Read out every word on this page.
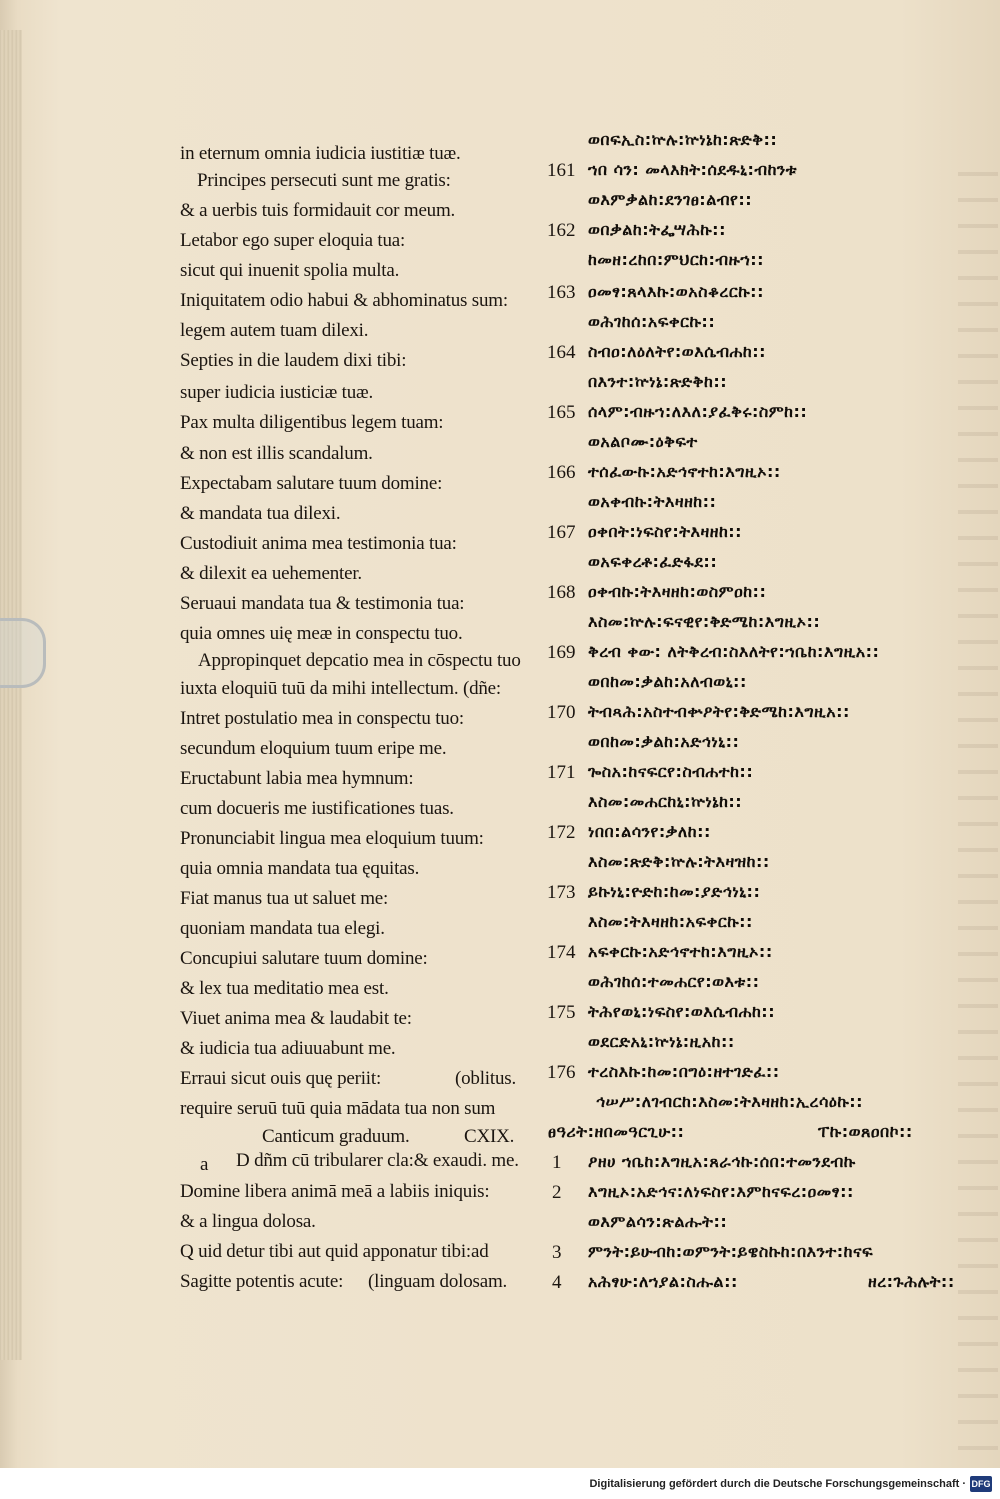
in eternum omnia iudicia iustitiæ tuæ.
Principes persecuti sunt me gratis:
& a uerbis tuis formidauit cor meum.
Letabor ego super eloquia tua:
sicut qui inuenit spolia multa.
Iniquitatem odio habui & abhominatus sum:
legem autem tuam dilexi.
Septies in die laudem dixi tibi:
super iudicia iusticiæ tuæ.
Pax multa diligentibus legem tuam:
& non est illis scandalum.
Expectabam salutare tuum domine:
& mandata tua dilexi.
Custodiuit anima mea testimonia tua:
& dilexit ea uehementer.
Seruaui mandata tua & testimonia tua:
quia omnes uię meæ in conspectu tuo.
Appropinquet depcatio mea in cōspectu tuo
iuxta eloquiū tuū da mihi intellectum. (dñe:
Intret postulatio mea in conspectu tuo:
secundum eloquium tuum eripe me.
Eructabunt labia mea hymnum:
cum docueris me iustificationes tuas.
Pronunciabit lingua mea eloquium tuum:
quia omnia mandata tua ęquitas.
Fiat manus tua ut saluet me:
quoniam mandata tua elegi.
Concupiui salutare tuum domine:
& lex tua meditatio mea est.
Viuet anima mea & laudabit te:
& iudicia tua adiuuabunt me.
Erraui sicut ouis quę periit:	(oblitus.
require seruū tuū quia mādata tua non sum
Canticum graduum.	CXIX.
a D dñm cū tribularer cla:& exaudi. me.
Domine libera animā meā a labiis iniquis:
& a lingua dolosa.
Q uid detur tibi aut quid apponatur tibi:ad
Sagitte potentis acute: (linguam dolosam.
ወበፍኢስ:ኵሉ:ኵነኔከ:ጽድቅ::
161 ኀበ ሳን: መላእክት:ሰደዱኒ:ብከንቱ
ወእምቃልከ:ደንገፀ:ልብየ::
162 ወበቃልከ:ትፌሣሕኩ::
ከመዘ:ረከበ:ምህርከ:ብዙኀ::
163 ዐመፃ:ጸላእኩ:ወአስቆረርኩ::
ወሕገከሰ:አፍቀርኩ::
164 ስብዐ:ለዕለትየ:ወእሴብሐከ::
በእንተ:ኵነኔ:ጽድቅከ::
165 ሰላም:ብዙኀ:ለእለ:ያፈቅሩ:ስምከ::
ወአልቦሙ:ዕቅፍተ
166 ተሰፈውኩ:አድኅኖተከ:እግዚኦ::
ወአቀብኩ:ትእዛዘከ::
167 ዐቀበት:ነፍስየ:ትእዛዘከ::
ወአፍቀረቶ:ፈድፋደ::
168 ዐቀብኩ:ትእዛዘከ:ወስምዐከ::
እስመ:ኵሉ:ፍናዊየ:ቅድሜከ:እግዚኦ::
169 ቅረብ ቀው: ለትቅረብ:ስእለትየ:ኀቤከ:እግዚአ::
ወበከመ:ቃልከ:አለብወኒ::
170 ትብጻሕ:አስተብቍዖትየ:ቅድሜከ:እግዚአ::
ወበከመ:ቃልከ:አድኅነኒ::
171 ጐስአ:ከናፍርየ:ስብሐተከ::
እስመ:መሐርከኒ:ኵነኔከ::
172 ነበበ:ልሳንየ:ቃለከ::
እስመ:ጽድቅ:ኵሉ:ትእዛዝከ::
173 ይኩነኒ:ዮድከ:ከመ:ያድኅነኒ::
እስመ:ትእዛዘከ:አፍቀርኩ::
174 አፍቀርኩ:አድኅኖተከ:እግዚኦ::
ወሕገከሰ:ተመሐርየ:ወእቱ::
175 ትሕየወኒ:ነፍስየ:ወእሴብሐከ::
ወደርድአኒ:ኵነኔ:ዚአከ::
176 ተረስእኩ:ከመ:በግዕ:ዘተገድፈ::
ኅሠሥ:ለገብርከ:እስመ:ትእዛዘከ:ኢረሳዕኩ::
ፀዓሪት:ዘበመዓርጊሁ::	ፐኩ:ወጸዐበኮ::
1 ዖዘሀ ኀቤከ:እግዚአ:ጸራኅኩ:ሰበ:ተመንደብኩ
2 እግዚኦ:አድኅና:ለነፍስየ:እምከናፍረ:ዐመፃ::
ወእምልሳን:ጽልሑት::
3 ምንት:ይሁብከ:ወምንት:ይዌስኩከ:በእንተ:ከናፍ
4 አሕፃሁ:ለኀያል:ስሑል::	ዘረ:ጉሕሉት::
Digitalisierung gefördert durch die Deutsche Forschungsgemeinschaft · DFG
